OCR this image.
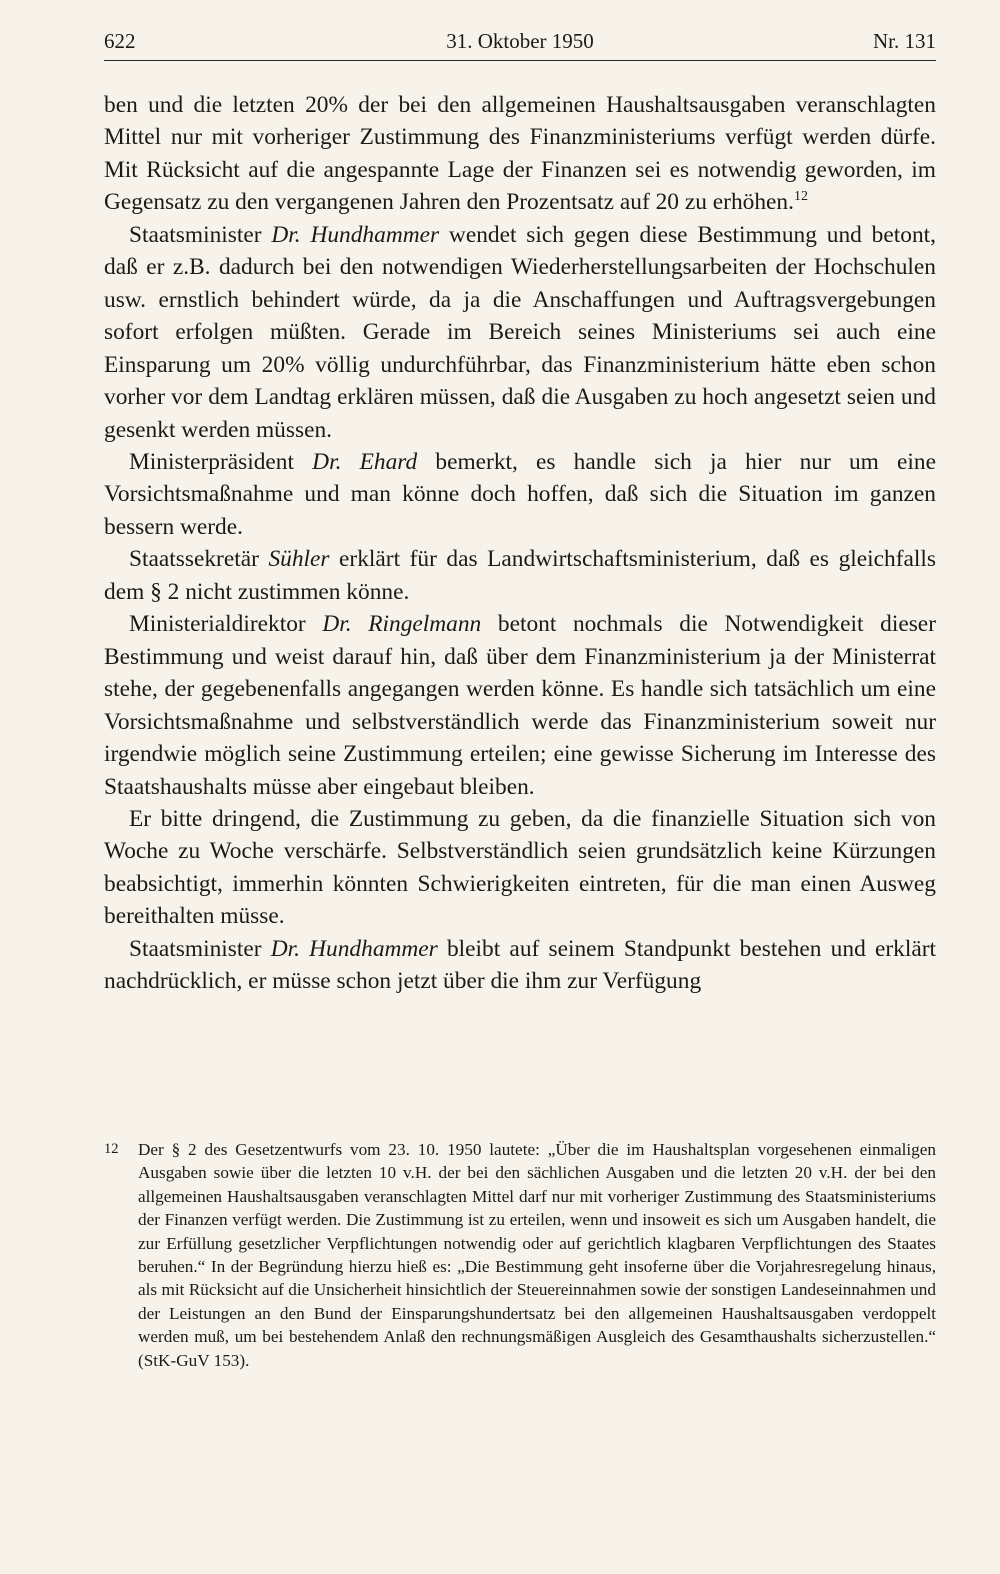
622	31. Oktober 1950	Nr. 131

ben und die letzten 20% der bei den allgemeinen Haushaltsausgaben veranschlagten Mittel nur mit vorheriger Zustimmung des Finanzministeriums verfügt werden dürfe. Mit Rücksicht auf die angespannte Lage der Finanzen sei es notwendig geworden, im Gegensatz zu den vergangenen Jahren den Prozentsatz auf 20 zu erhöhen.$^{12}$

Staatsminister Dr. Hundhammer wendet sich gegen diese Bestimmung und betont, daß er z.B. dadurch bei den notwendigen Wiederherstellungsarbeiten der Hochschulen usw. ernstlich behindert würde, da ja die Anschaffungen und Auftragsvergebungen sofort erfolgen müßten. Gerade im Bereich seines Ministeriums sei auch eine Einsparung um 20% völlig undurchführbar, das Finanzministerium hätte eben schon vorher vor dem Landtag erklären müssen, daß die Ausgaben zu hoch angesetzt seien und gesenkt werden müssen.

Ministerpräsident Dr. Ehard bemerkt, es handle sich ja hier nur um eine Vorsichtsmaßnahme und man könne doch hoffen, daß sich die Situation im ganzen bessern werde.

Staatssekretär Sühler erklärt für das Landwirtschaftsministerium, daß es gleichfalls dem § 2 nicht zustimmen könne.

Ministerialdirektor Dr. Ringelmann betont nochmals die Notwendigkeit dieser Bestimmung und weist darauf hin, daß über dem Finanzministerium ja der Ministerrat stehe, der gegebenenfalls angegangen werden könne. Es handle sich tatsächlich um eine Vorsichtsmaßnahme und selbstverständlich werde das Finanzministerium soweit nur irgendwie möglich seine Zustimmung erteilen; eine gewisse Sicherung im Interesse des Staatshaushalts müsse aber eingebaut bleiben.

Er bitte dringend, die Zustimmung zu geben, da die finanzielle Situation sich von Woche zu Woche verschärfe. Selbstverständlich seien grundsätzlich keine Kürzungen beabsichtigt, immerhin könnten Schwierigkeiten eintreten, für die man einen Ausweg bereithalten müsse.

Staatsminister Dr. Hundhammer bleibt auf seinem Standpunkt bestehen und erklärt nachdrücklich, er müsse schon jetzt über die ihm zur Verfügung

12 Der § 2 des Gesetzentwurfs vom 23. 10. 1950 lautete: „Über die im Haushaltsplan vorgesehenen einmaligen Ausgaben sowie über die letzten 10 v.H. der bei den sächlichen Ausgaben und die letzten 20 v.H. der bei den allgemeinen Haushaltsausgaben veranschlagten Mittel darf nur mit vorheriger Zustimmung des Staatsministeriums der Finanzen verfügt werden. Die Zustimmung ist zu erteilen, wenn und insoweit es sich um Ausgaben handelt, die zur Erfüllung gesetzlicher Verpflichtungen notwendig oder auf gerichtlich klagbaren Verpflichtungen des Staates beruhen.“ In der Begründung hierzu hieß es: „Die Bestimmung geht insoferne über die Vorjahresregelung hinaus, als mit Rücksicht auf die Unsicherheit hinsichtlich der Steuereinnahmen sowie der sonstigen Landeseinnahmen und der Leistungen an den Bund der Einsparungshundertsatz bei den allgemeinen Haushaltsausgaben verdoppelt werden muß, um bei bestehendem Anlaß den rechnungsmäßigen Ausgleich des Gesamthaushalts sicherzustellen.“ (StK-GuV 153).
